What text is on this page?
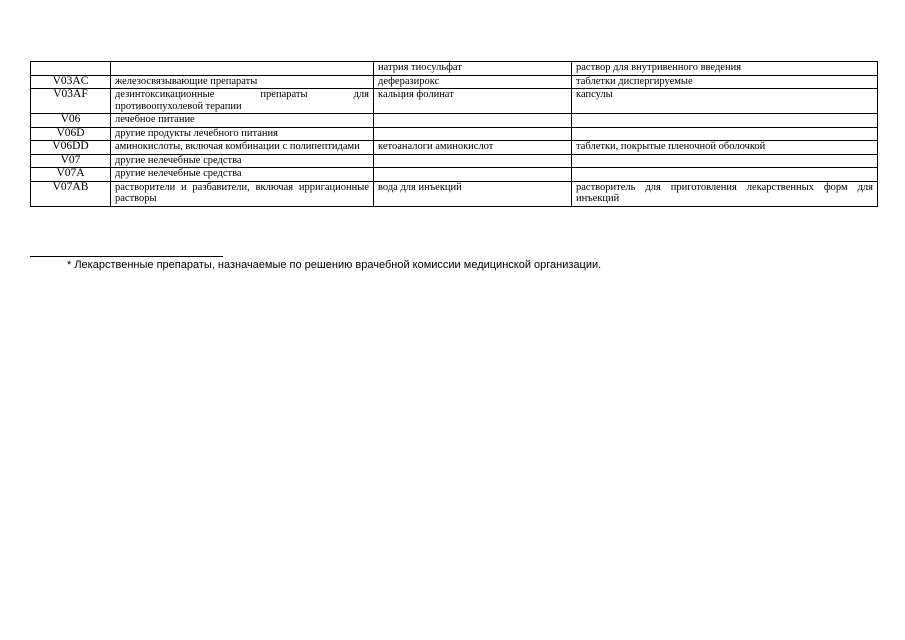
		натрия тиосульфат	раствор для внутривенного введения
V03AC	железосвязывающие препараты	деферазирокс	таблетки диспергируемые
V03AF	дезинтоксикационные препараты для противоопухолевой терапии	кальция фолинат	капсулы
V06	лечебное питание		
V06D	другие продукты лечебного питания		
V06DD	аминокислоты, включая комбинации с полипептидами	кетоаналоги аминокислот	таблетки, покрытые пленочной оболочкой
V07	другие нелечебные средства		
V07A	другие нелечебные средства		
V07AB	растворители и разбавители, включая ирригационные растворы	вода для инъекций	растворитель для приготовления лекарственных форм для инъекций
* Лекарственные препараты, назначаемые по решению врачебной комиссии медицинской организации.
